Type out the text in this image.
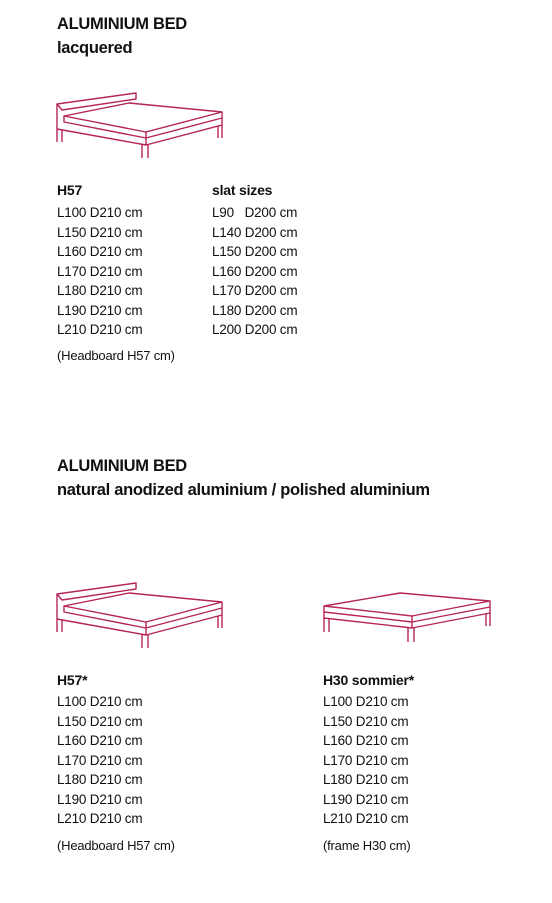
ALUMINIUM BED
lacquered
H57
L100 D210 cm
L150 D210 cm
L160 D210 cm
L170 D210 cm
L180 D210 cm
L190 D210 cm
L210 D210 cm
(Headboard H57 cm)
slat sizes
L90   D200 cm
L140 D200 cm
L150 D200 cm
L160 D200 cm
L170 D200 cm
L180 D200 cm
L200 D200 cm
ALUMINIUM BED
natural anodized aluminium / polished aluminium
H57*
L100 D210 cm
L150 D210 cm
L160 D210 cm
L170 D210 cm
L180 D210 cm
L190 D210 cm
L210 D210 cm
(Headboard H57 cm)
H30 sommier*
L100 D210 cm
L150 D210 cm
L160 D210 cm
L170 D210 cm
L180 D210 cm
L190 D210 cm
L210 D210 cm
(frame H30 cm)
